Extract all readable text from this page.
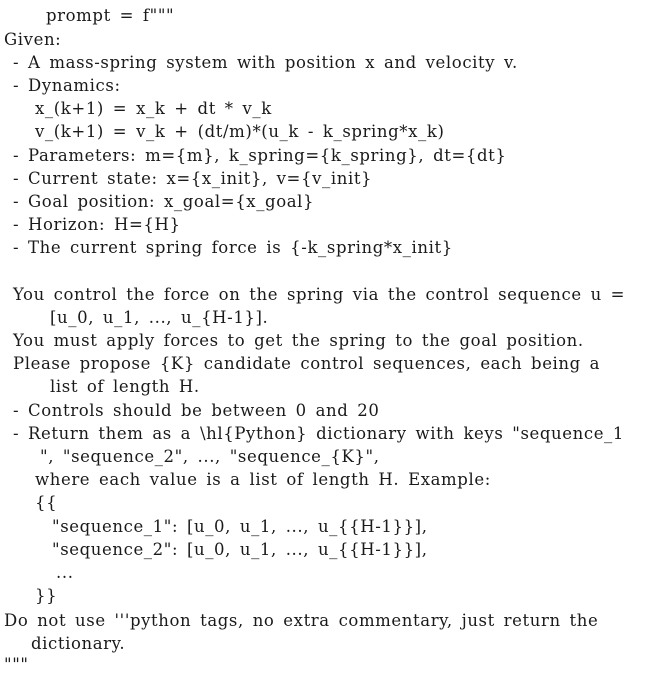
prompt = f"""
Given:
- A mass-spring system with position x and velocity v.
- Dynamics:
x_(k+1) = x_k + dt * v_k
v_(k+1) = v_k + (dt/m)*(u_k - k_spring*x_k)
- Parameters: m={m}, k_spring={k_spring}, dt={dt}
- Current state: x={x_init}, v={v_init}
- Goal position: x_goal={x_goal}
- Horizon: H={H}
- The current spring force is {-k_spring*x_init}
You control the force on the spring via the control sequence u =
[u_0, u_1, ..., u_{H-1}].
You must apply forces to get the spring to the goal position.
Please propose {K} candidate control sequences, each being a
list of length H.
- Controls should be between 0 and 20
- Return them as a \hl{Python} dictionary with keys "sequence_1
", "sequence_2", ..., "sequence_{K}",
where each value is a list of length H. Example:
{{
"sequence_1": [u_0, u_1, ..., u_{{H-1}}],
"sequence_2": [u_0, u_1, ..., u_{{H-1}}],
...
}}
Do not use '''python tags, no extra commentary, just return the
dictionary.
"""
